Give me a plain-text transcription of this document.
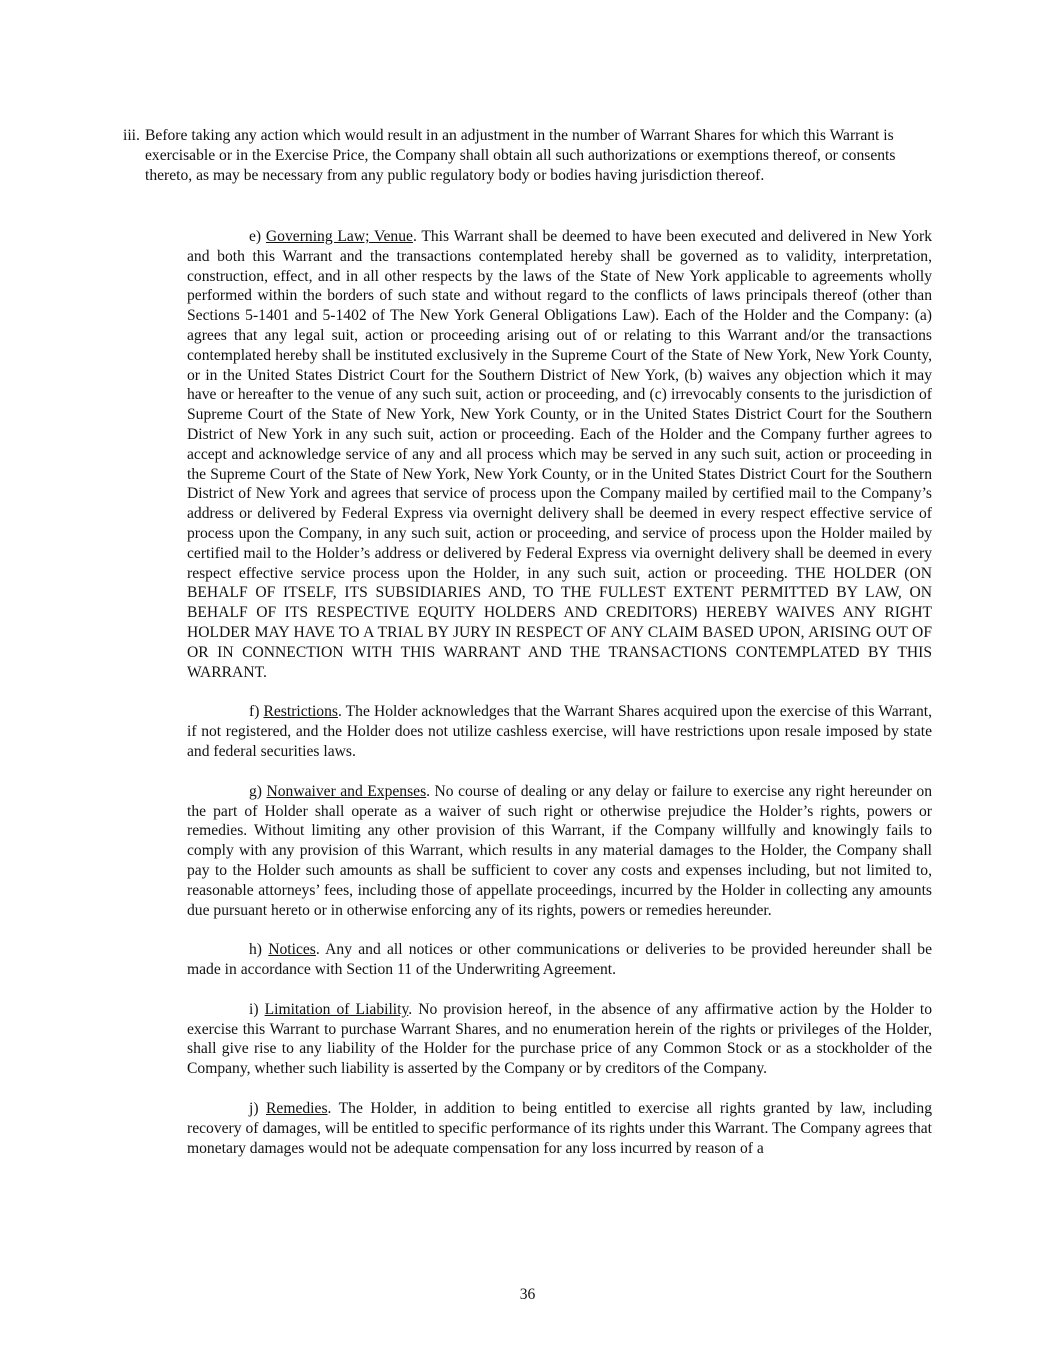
iii. Before taking any action which would result in an adjustment in the number of Warrant Shares for which this Warrant is exercisable or in the Exercise Price, the Company shall obtain all such authorizations or exemptions thereof, or consents thereto, as may be necessary from any public regulatory body or bodies having jurisdiction thereof.

e) Governing Law; Venue. This Warrant shall be deemed to have been executed and delivered in New York and both this Warrant and the transactions contemplated hereby shall be governed as to validity, interpretation, construction, effect, and in all other respects by the laws of the State of New York applicable to agreements wholly performed within the borders of such state and without regard to the conflicts of laws principals thereof (other than Sections 5-1401 and 5-1402 of The New York General Obligations Law). Each of the Holder and the Company: (a) agrees that any legal suit, action or proceeding arising out of or relating to this Warrant and/or the transactions contemplated hereby shall be instituted exclusively in the Supreme Court of the State of New York, New York County, or in the United States District Court for the Southern District of New York, (b) waives any objection which it may have or hereafter to the venue of any such suit, action or proceeding, and (c) irrevocably consents to the jurisdiction of Supreme Court of the State of New York, New York County, or in the United States District Court for the Southern District of New York in any such suit, action or proceeding. Each of the Holder and the Company further agrees to accept and acknowledge service of any and all process which may be served in any such suit, action or proceeding in the Supreme Court of the State of New York, New York County, or in the United States District Court for the Southern District of New York and agrees that service of process upon the Company mailed by certified mail to the Company’s address or delivered by Federal Express via overnight delivery shall be deemed in every respect effective service of process upon the Company, in any such suit, action or proceeding, and service of process upon the Holder mailed by certified mail to the Holder’s address or delivered by Federal Express via overnight delivery shall be deemed in every respect effective service process upon the Holder, in any such suit, action or proceeding. THE HOLDER (ON BEHALF OF ITSELF, ITS SUBSIDIARIES AND, TO THE FULLEST EXTENT PERMITTED BY LAW, ON BEHALF OF ITS RESPECTIVE EQUITY HOLDERS AND CREDITORS) HEREBY WAIVES ANY RIGHT HOLDER MAY HAVE TO A TRIAL BY JURY IN RESPECT OF ANY CLAIM BASED UPON, ARISING OUT OF OR IN CONNECTION WITH THIS WARRANT AND THE TRANSACTIONS CONTEMPLATED BY THIS WARRANT.

f) Restrictions. The Holder acknowledges that the Warrant Shares acquired upon the exercise of this Warrant, if not registered, and the Holder does not utilize cashless exercise, will have restrictions upon resale imposed by state and federal securities laws.

g) Nonwaiver and Expenses. No course of dealing or any delay or failure to exercise any right hereunder on the part of Holder shall operate as a waiver of such right or otherwise prejudice the Holder’s rights, powers or remedies. Without limiting any other provision of this Warrant, if the Company willfully and knowingly fails to comply with any provision of this Warrant, which results in any material damages to the Holder, the Company shall pay to the Holder such amounts as shall be sufficient to cover any costs and expenses including, but not limited to, reasonable attorneys’ fees, including those of appellate proceedings, incurred by the Holder in collecting any amounts due pursuant hereto or in otherwise enforcing any of its rights, powers or remedies hereunder.

h) Notices. Any and all notices or other communications or deliveries to be provided hereunder shall be made in accordance with Section 11 of the Underwriting Agreement.

i) Limitation of Liability. No provision hereof, in the absence of any affirmative action by the Holder to exercise this Warrant to purchase Warrant Shares, and no enumeration herein of the rights or privileges of the Holder, shall give rise to any liability of the Holder for the purchase price of any Common Stock or as a stockholder of the Company, whether such liability is asserted by the Company or by creditors of the Company.

j) Remedies. The Holder, in addition to being entitled to exercise all rights granted by law, including recovery of damages, will be entitled to specific performance of its rights under this Warrant. The Company agrees that monetary damages would not be adequate compensation for any loss incurred by reason of a

36
